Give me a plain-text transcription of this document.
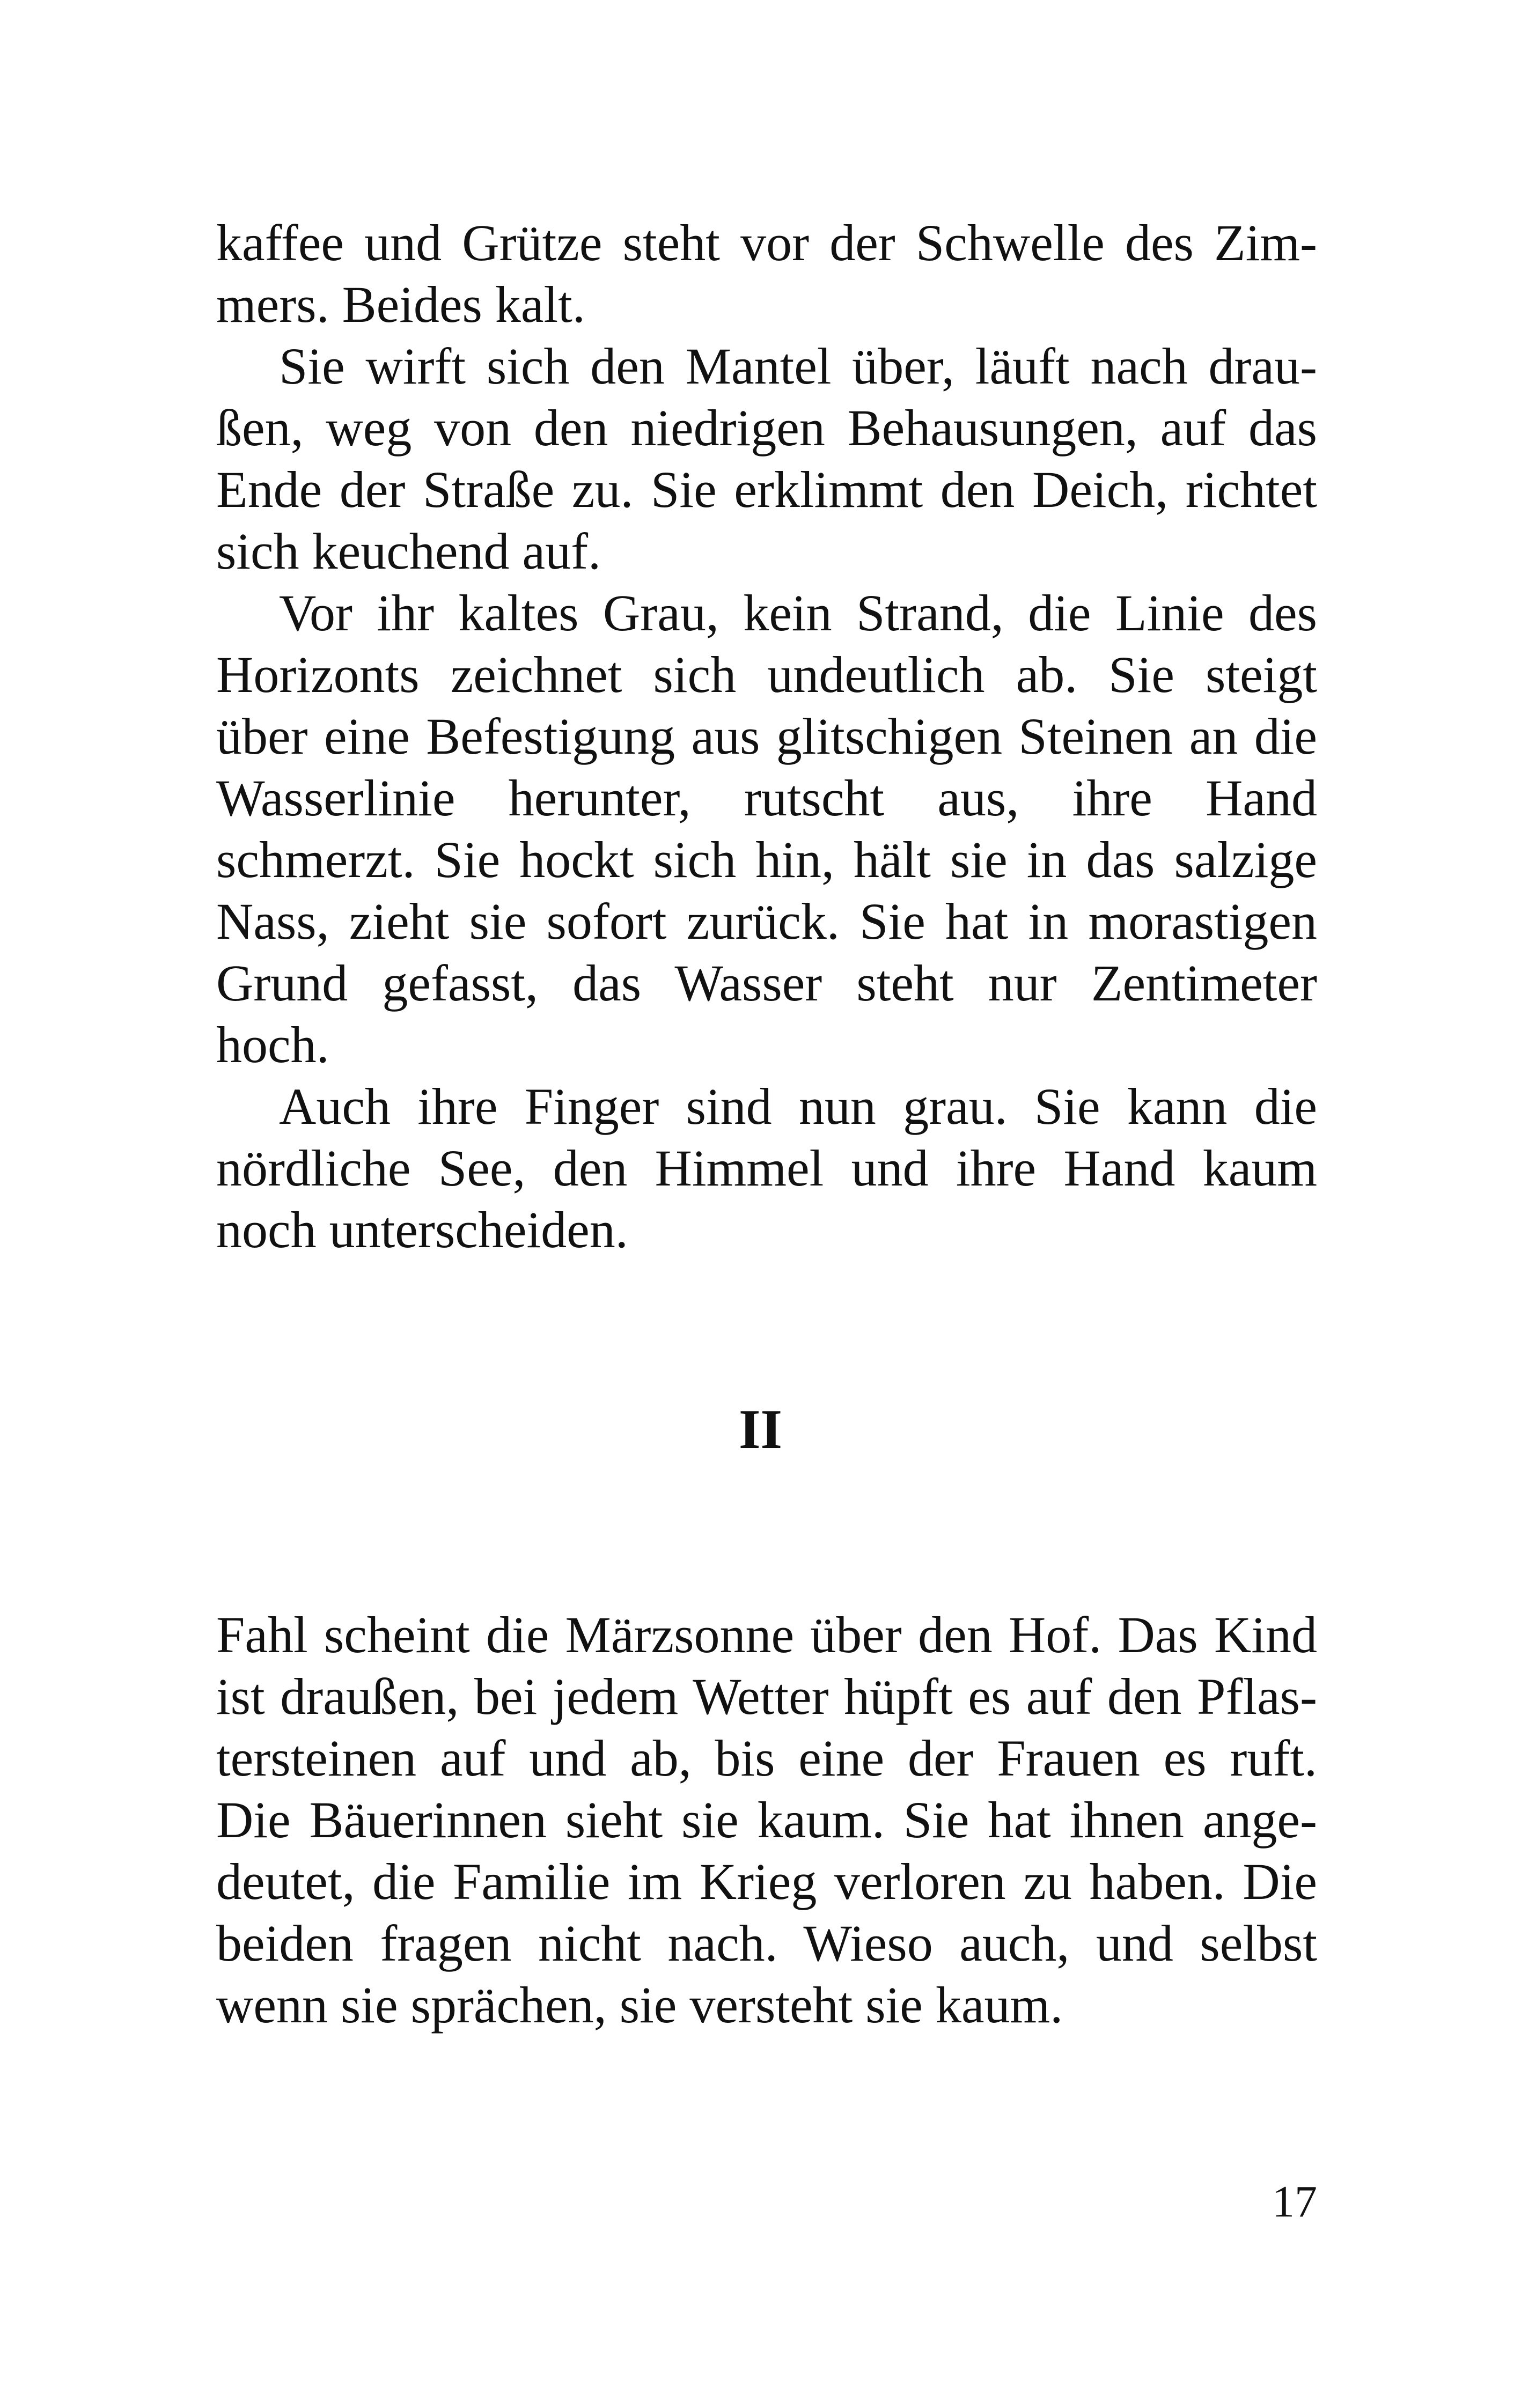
kaffee und Grütze steht vor der Schwelle des Zim-
mers. Beides kalt.
Sie wirft sich den Mantel über, läuft nach drau-
ßen, weg von den niedrigen Behausungen, auf das
Ende der Straße zu. Sie erklimmt den Deich, richtet
sich keuchend auf.
Vor ihr kaltes Grau, kein Strand, die Linie des
Horizonts zeichnet sich undeutlich ab. Sie steigt
über eine Befestigung aus glitschigen Steinen an die
Wasserlinie herunter, rutscht aus, ihre Hand
schmerzt. Sie hockt sich hin, hält sie in das salzige
Nass, zieht sie sofort zurück. Sie hat in morastigen
Grund gefasst, das Wasser steht nur Zentimeter
hoch.
Auch ihre Finger sind nun grau. Sie kann die
nördliche See, den Himmel und ihre Hand kaum
noch unterscheiden.
II
Fahl scheint die Märzsonne über den Hof. Das Kind
ist draußen, bei jedem Wetter hüpft es auf den Pflas-
tersteinen auf und ab, bis eine der Frauen es ruft.
Die Bäuerinnen sieht sie kaum. Sie hat ihnen ange-
deutet, die Familie im Krieg verloren zu haben. Die
beiden fragen nicht nach. Wieso auch, und selbst
wenn sie sprächen, sie versteht sie kaum.
17
